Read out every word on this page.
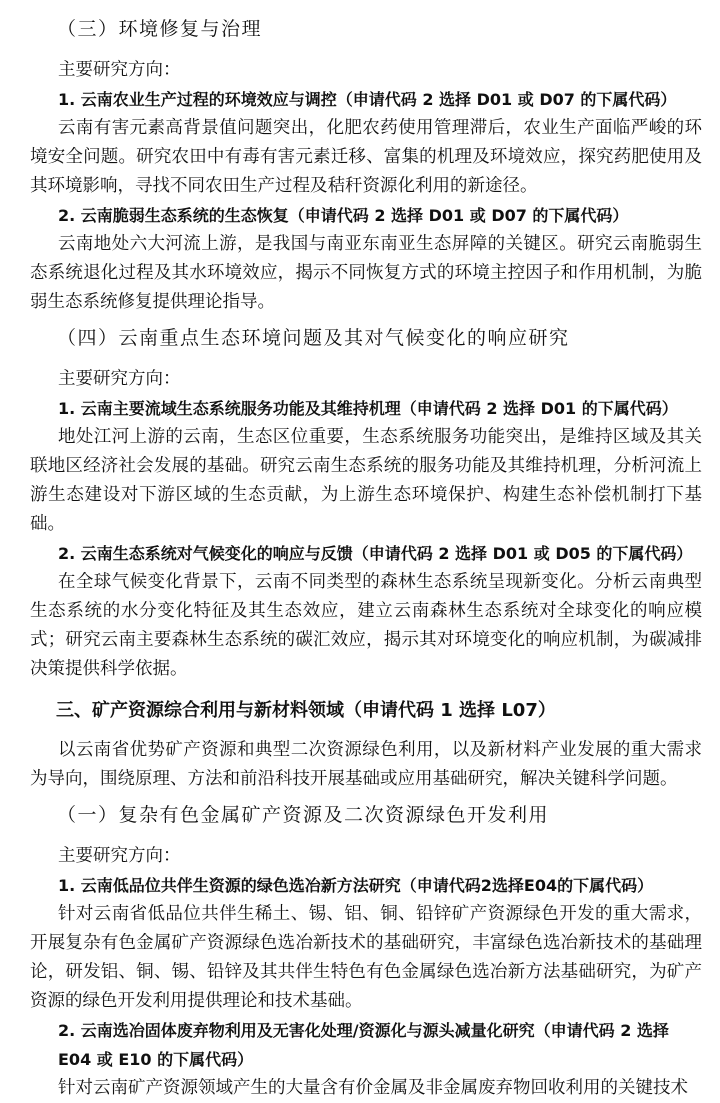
（三）环境修复与治理

主要研究方向：

1. 云南农业生产过程的环境效应与调控（申请代码 2 选择 D01 或 D07 的下属代码）

云南有害元素高背景值问题突出，化肥农药使用管理滞后，农业生产面临严峻的环境安全问题。研究农田中有毒有害元素迁移、富集的机理及环境效应，探究药肥使用及其环境影响，寻找不同农田生产过程及秸秆资源化利用的新途径。

2. 云南脆弱生态系统的生态恢复（申请代码 2 选择 D01 或 D07 的下属代码）

云南地处六大河流上游，是我国与南亚东南亚生态屏障的关键区。研究云南脆弱生态系统退化过程及其水环境效应，揭示不同恢复方式的环境主控因子和作用机制，为脆弱生态系统修复提供理论指导。

（四）云南重点生态环境问题及其对气候变化的响应研究

主要研究方向：

1. 云南主要流域生态系统服务功能及其维持机理（申请代码 2 选择 D01 的下属代码）

地处江河上游的云南，生态区位重要，生态系统服务功能突出，是维持区域及其关联地区经济社会发展的基础。研究云南生态系统的服务功能及其维持机理，分析河流上游生态建设对下游区域的生态贡献，为上游生态环境保护、构建生态补偿机制打下基础。

2. 云南生态系统对气候变化的响应与反馈（申请代码 2 选择 D01 或 D05 的下属代码）

在全球气候变化背景下，云南不同类型的森林生态系统呈现新变化。分析云南典型生态系统的水分变化特征及其生态效应，建立云南森林生态系统对全球变化的响应模式；研究云南主要森林生态系统的碳汇效应，揭示其对环境变化的响应机制，为碳减排决策提供科学依据。

三、矿产资源综合利用与新材料领域（申请代码 1 选择 L07）

以云南省优势矿产资源和典型二次资源绿色利用，以及新材料产业发展的重大需求为导向，围绕原理、方法和前沿科技开展基础或应用基础研究，解决关键科学问题。

（一）复杂有色金属矿产资源及二次资源绿色开发利用

主要研究方向：

1. 云南低品位共伴生资源的绿色选冶新方法研究（申请代码2选择E04的下属代码）

针对云南省低品位共伴生稀土、锡、铝、铜、铅锌矿产资源绿色开发的重大需求，开展复杂有色金属矿产资源绿色选冶新技术的基础研究，丰富绿色选冶新技术的基础理论，研发铝、铜、锡、铅锌及其共伴生特色有色金属绿色选冶新方法基础研究，为矿产资源的绿色开发利用提供理论和技术基础。

2. 云南选冶固体废弃物利用及无害化处理/资源化与源头减量化研究（申请代码 2 选择 E04 或 E10 的下属代码）

针对云南矿产资源领域产生的大量含有价金属及非金属废弃物回收利用的关键技术
